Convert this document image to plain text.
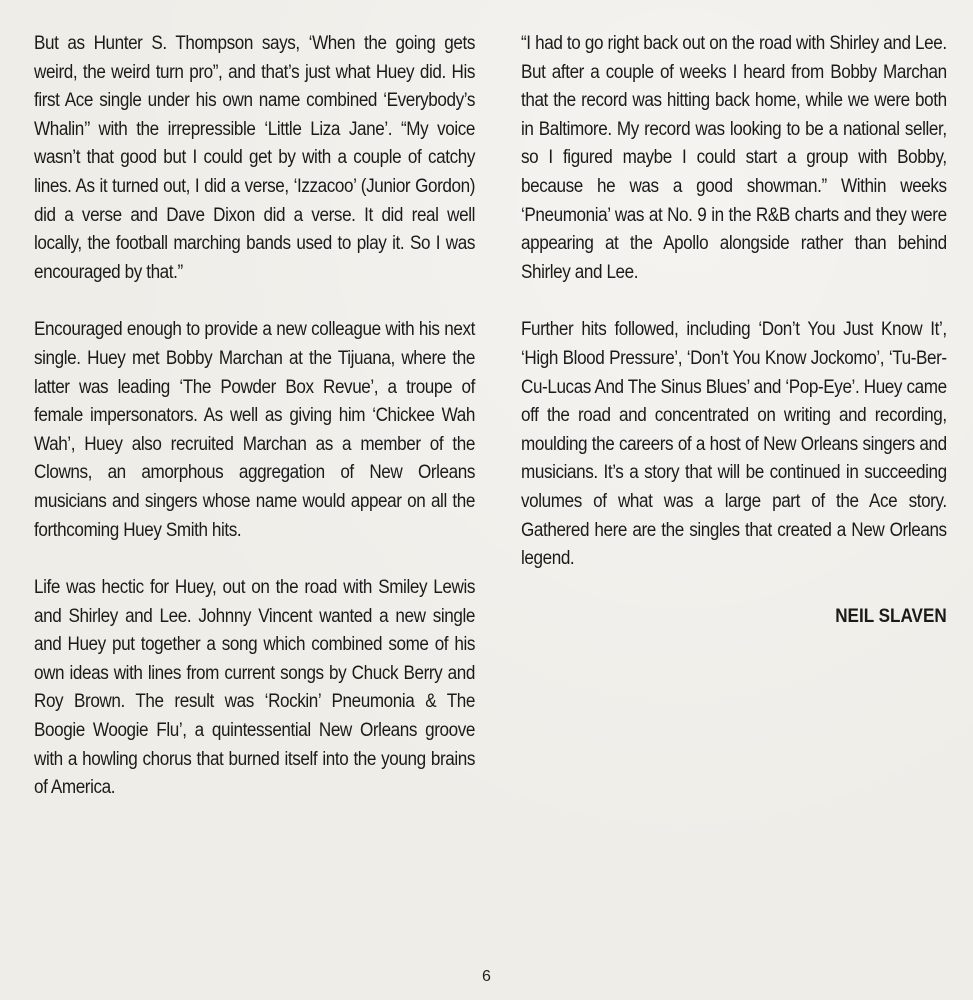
But as Hunter S. Thompson says, ‘When the going gets weird, the weird turn pro”, and that’s just what Huey did. His first Ace single under his own name combined ‘Everybody’s Whalin’’ with the irrepressible ‘Little Liza Jane’. “My voice wasn’t that good but I could get by with a couple of catchy lines. As it turned out, I did a verse, ‘Izzacoo’ (Junior Gordon) did a verse and Dave Dixon did a verse. It did real well locally, the football marching bands used to play it. So I was encouraged by that.”

Encouraged enough to provide a new colleague with his next single. Huey met Bobby Marchan at the Tijuana, where the latter was leading ‘The Powder Box Revue’, a troupe of female impersonators. As well as giving him ‘Chickee Wah Wah’, Huey also recruited Marchan as a member of the Clowns, an amorphous aggregation of New Orleans musicians and singers whose name would appear on all the forthcoming Huey Smith hits.

Life was hectic for Huey, out on the road with Smiley Lewis and Shirley and Lee. Johnny Vincent wanted a new single and Huey put together a song which combined some of his own ideas with lines from current songs by Chuck Berry and Roy Brown. The result was ‘Rockin’ Pneumonia & The Boogie Woogie Flu’, a quintessential New Orleans groove with a howling chorus that burned itself into the young brains of America.

“I had to go right back out on the road with Shirley and Lee. But after a couple of weeks I heard from Bobby Marchan that the record was hitting back home, while we were both in Baltimore. My record was looking to be a national seller, so I figured maybe I could start a group with Bobby, because he was a good showman.” Within weeks ‘Pneumonia’ was at No. 9 in the R&B charts and they were appearing at the Apollo alongside rather than behind Shirley and Lee.

Further hits followed, including ‘Don’t You Just Know It’, ‘High Blood Pressure’, ‘Don’t You Know Jockomo’, ‘Tu-Ber-Cu-Lucas And The Sinus Blues’ and ‘Pop-Eye’. Huey came off the road and concentrated on writing and recording, moulding the careers of a host of New Orleans singers and musicians. It’s a story that will be continued in succeeding volumes of what was a large part of the Ace story. Gathered here are the singles that created a New Orleans legend.

NEIL SLAVEN

6
